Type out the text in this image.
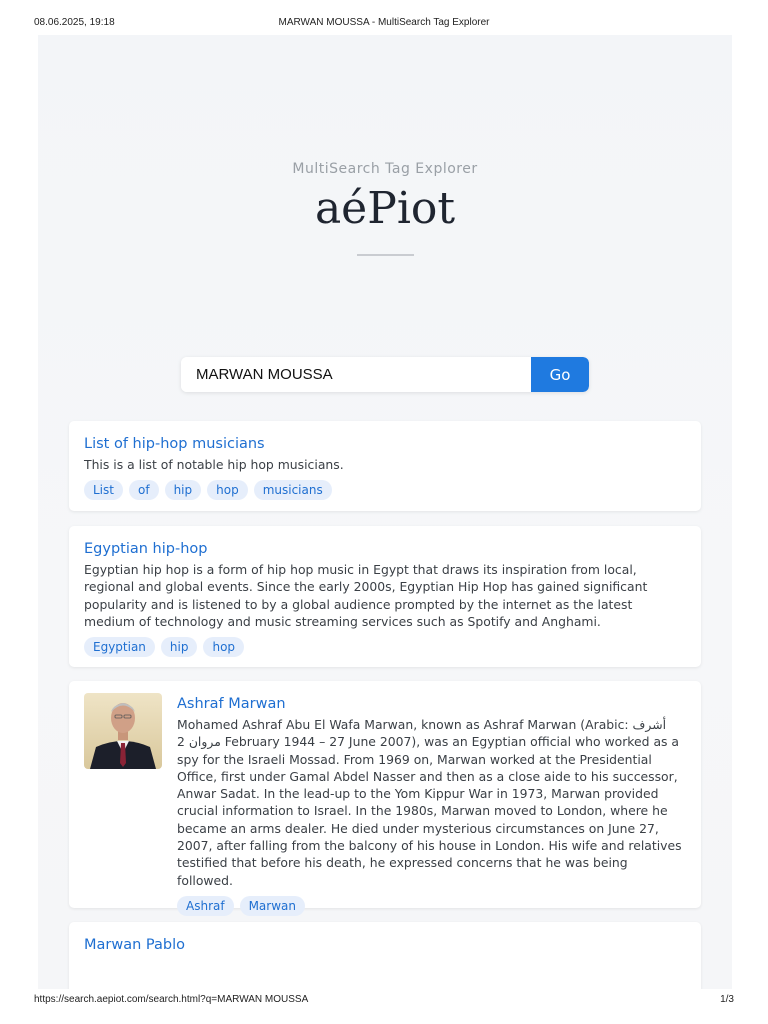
08.06.2025, 19:18	MARWAN MOUSSA - MultiSearch Tag Explorer
MultiSearch Tag Explorer
aéPiot
MARWAN MOUSSA
Go
List of hip-hop musicians
This is a list of notable hip hop musicians.
List	of	hip	hop	musicians
Egyptian hip-hop
Egyptian hip hop is a form of hip hop music in Egypt that draws its inspiration from local, regional and global events. Since the early 2000s, Egyptian Hip Hop has gained significant popularity and is listened to by a global audience prompted by the internet as the latest medium of technology and music streaming services such as Spotify and Anghami.
Egyptian	hip	hop
Ashraf Marwan
Mohamed Ashraf Abu El Wafa Marwan, known as Ashraf Marwan (Arabic: أشرف مروان 2 February 1944 – 27 June 2007), was an Egyptian official who worked as a spy for the Israeli Mossad. From 1969 on, Marwan worked at the Presidential Office, first under Gamal Abdel Nasser and then as a close aide to his successor, Anwar Sadat. In the lead-up to the Yom Kippur War in 1973, Marwan provided crucial information to Israel. In the 1980s, Marwan moved to London, where he became an arms dealer. He died under mysterious circumstances on June 27, 2007, after falling from the balcony of his house in London. His wife and relatives testified that before his death, he expressed concerns that he was being followed.
Ashraf	Marwan
Marwan Pablo
https://search.aepiot.com/search.html?q=MARWAN MOUSSA	1/3
